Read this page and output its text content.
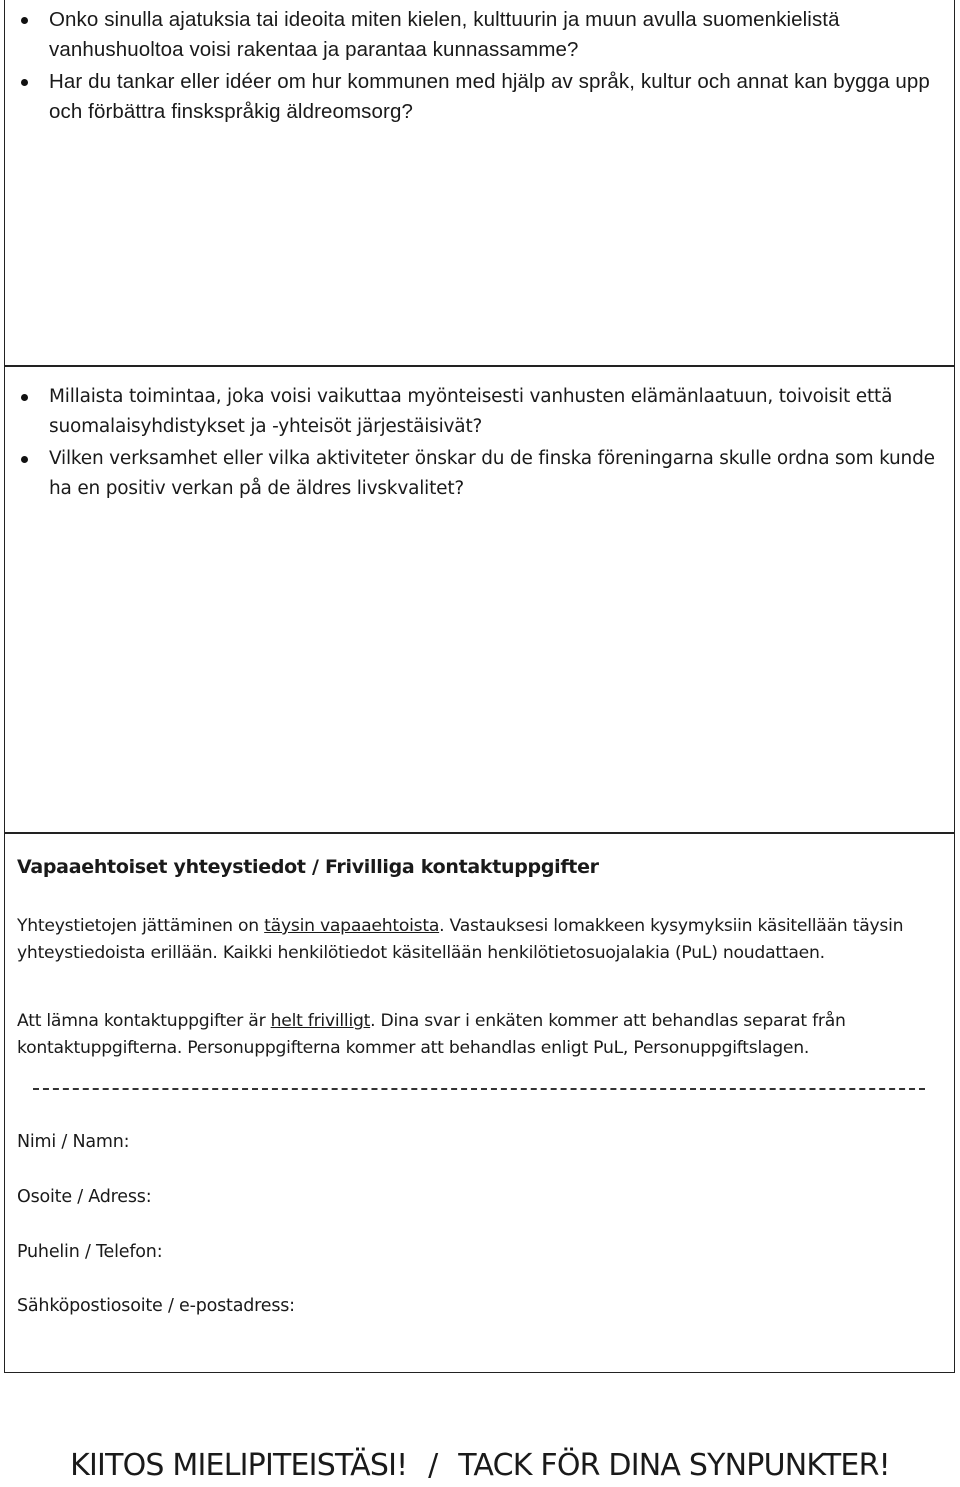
Onko sinulla ajatuksia tai ideoita miten kielen, kulttuurin ja muun avulla suomenkielistä vanhushuoltoa voisi rakentaa ja parantaa kunnassamme?
Har du tankar eller idéer om hur kommunen med hjälp av språk, kultur och annat kan bygga upp och förbättra finskspråkig äldreomsorg?
Millaista toimintaa, joka voisi vaikuttaa myönteisesti vanhusten elämänlaatuun, toivoisit että suomalaisyhdistykset ja -yhteisöt järjestäisivät?
Vilken verksamhet eller vilka aktiviteter önskar du de finska föreningarna skulle ordna som kunde ha en positiv verkan på de äldres livskvalitet?
Vapaaehtoiset yhteystiedot / Frivilliga kontaktuppgifter
Yhteystietojen jättäminen on täysin vapaaehtoista. Vastauksesi lomakkeen kysymyksiin käsitellään täysin yhteystiedoista erillään. Kaikki henkilötiedot käsitellään henkilötietosuojalakia (PuL) noudattaen.
Att lämna kontaktuppgifter är helt frivilligt. Dina svar i enkäten kommer att behandlas separat från kontaktuppgifterna. Personuppgifterna kommer att behandlas enligt PuL, Personuppgiftslagen.
Nimi / Namn:
Osoite / Adress:
Puhelin / Telefon:
Sähköpostiosoite / e-postadress:
KIITOS MIELIPITEISTÄSI! / TACK FÖR DINA SYNPUNKTER!
